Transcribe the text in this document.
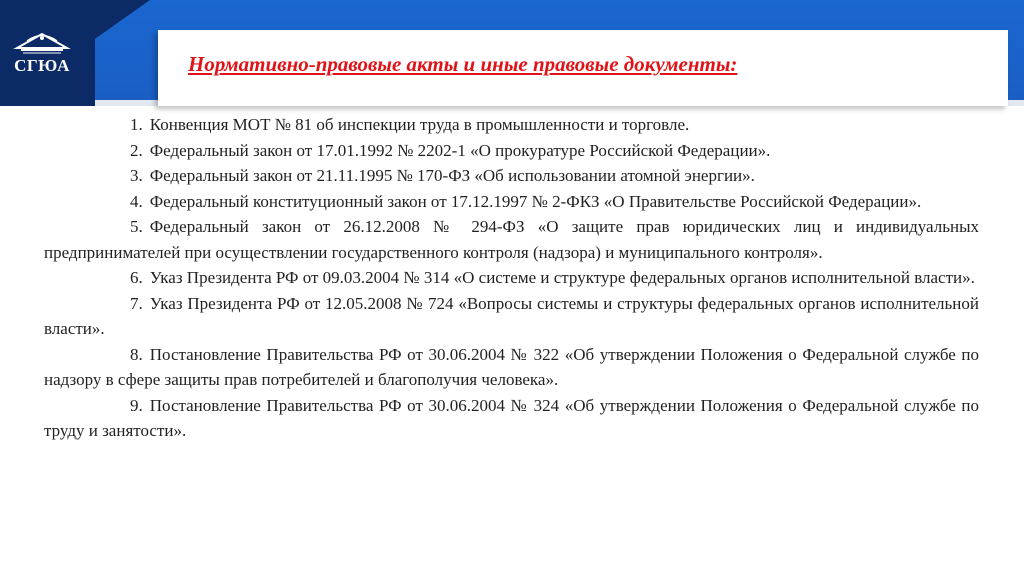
СГЮА	Нормативно-правовые акты и иные правовые документы:

1. Конвенция МОТ № 81 об инспекции труда в промышленности и торговле.

2. Федеральный закон от 17.01.1992 № 2202-1 «О прокуратуре Российской Федерации».

3. Федеральный закон от 21.11.1995 № 170-ФЗ «Об использовании атомной энергии».

4. Федеральный конституционный закон от 17.12.1997 № 2-ФКЗ «О Правительстве Российской Федерации».

5. Федеральный закон от 26.12.2008 № 294-ФЗ «О защите прав юридических лиц и индивидуальных предпринимателей при осуществлении государственного контроля (надзора) и муниципального контроля».

6. Указ Президента РФ от 09.03.2004 № 314 «О системе и структуре федеральных органов исполнительной власти».

7. Указ Президента РФ от 12.05.2008 № 724 «Вопросы системы и структуры федеральных органов исполнительной власти».

8. Постановление Правительства РФ от 30.06.2004 № 322 «Об утверждении Положения о Федеральной службе по надзору в сфере защиты прав потребителей и благополучия человека».

9. Постановление Правительства РФ от 30.06.2004 № 324 «Об утверждении Положения о Федеральной службе по труду и занятости».
